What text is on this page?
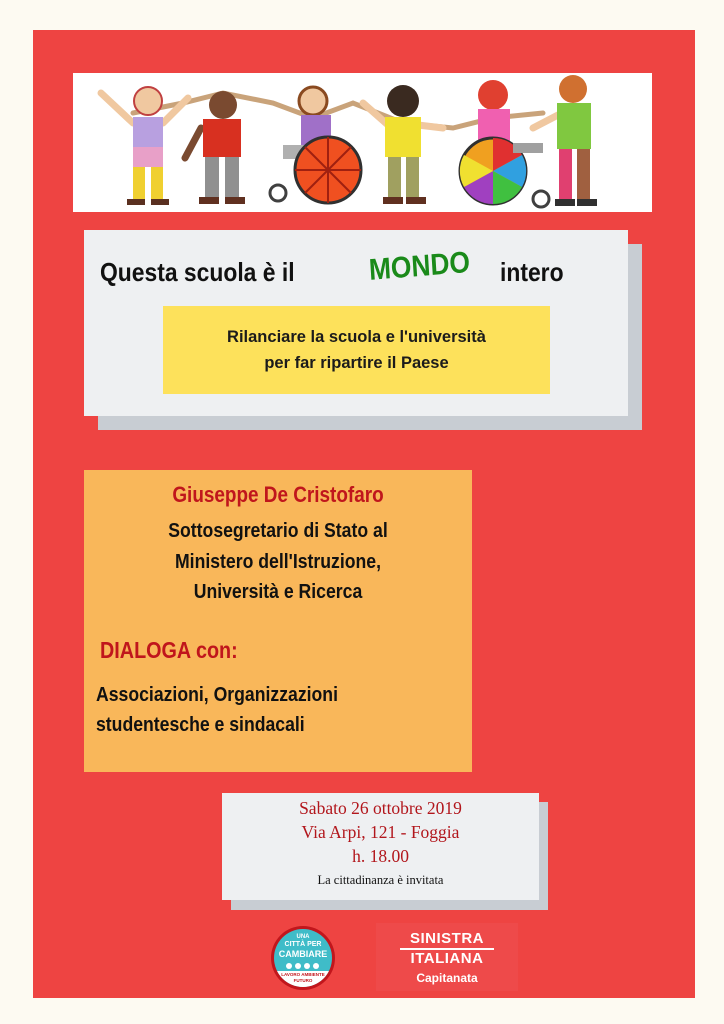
Questa scuola è il MONDO intero
Rilanciare la scuola e l'università
per far ripartire il Paese
Giuseppe De Cristofaro
Sottosegretario di Stato al
Ministero dell'Istruzione,
Università e Ricerca
DIALOGA con:
Associazioni, Organizzazioni
studentesche e sindacali
Sabato 26 ottobre 2019
Via Arpi, 121 - Foggia
h. 18.00
La cittadinanza è invitata
UNA
CITTÀ PER
CAMBIARE
LAVORO AMBIENTE
FUTURO
SINISTRA
ITALIANA
Capitanata
